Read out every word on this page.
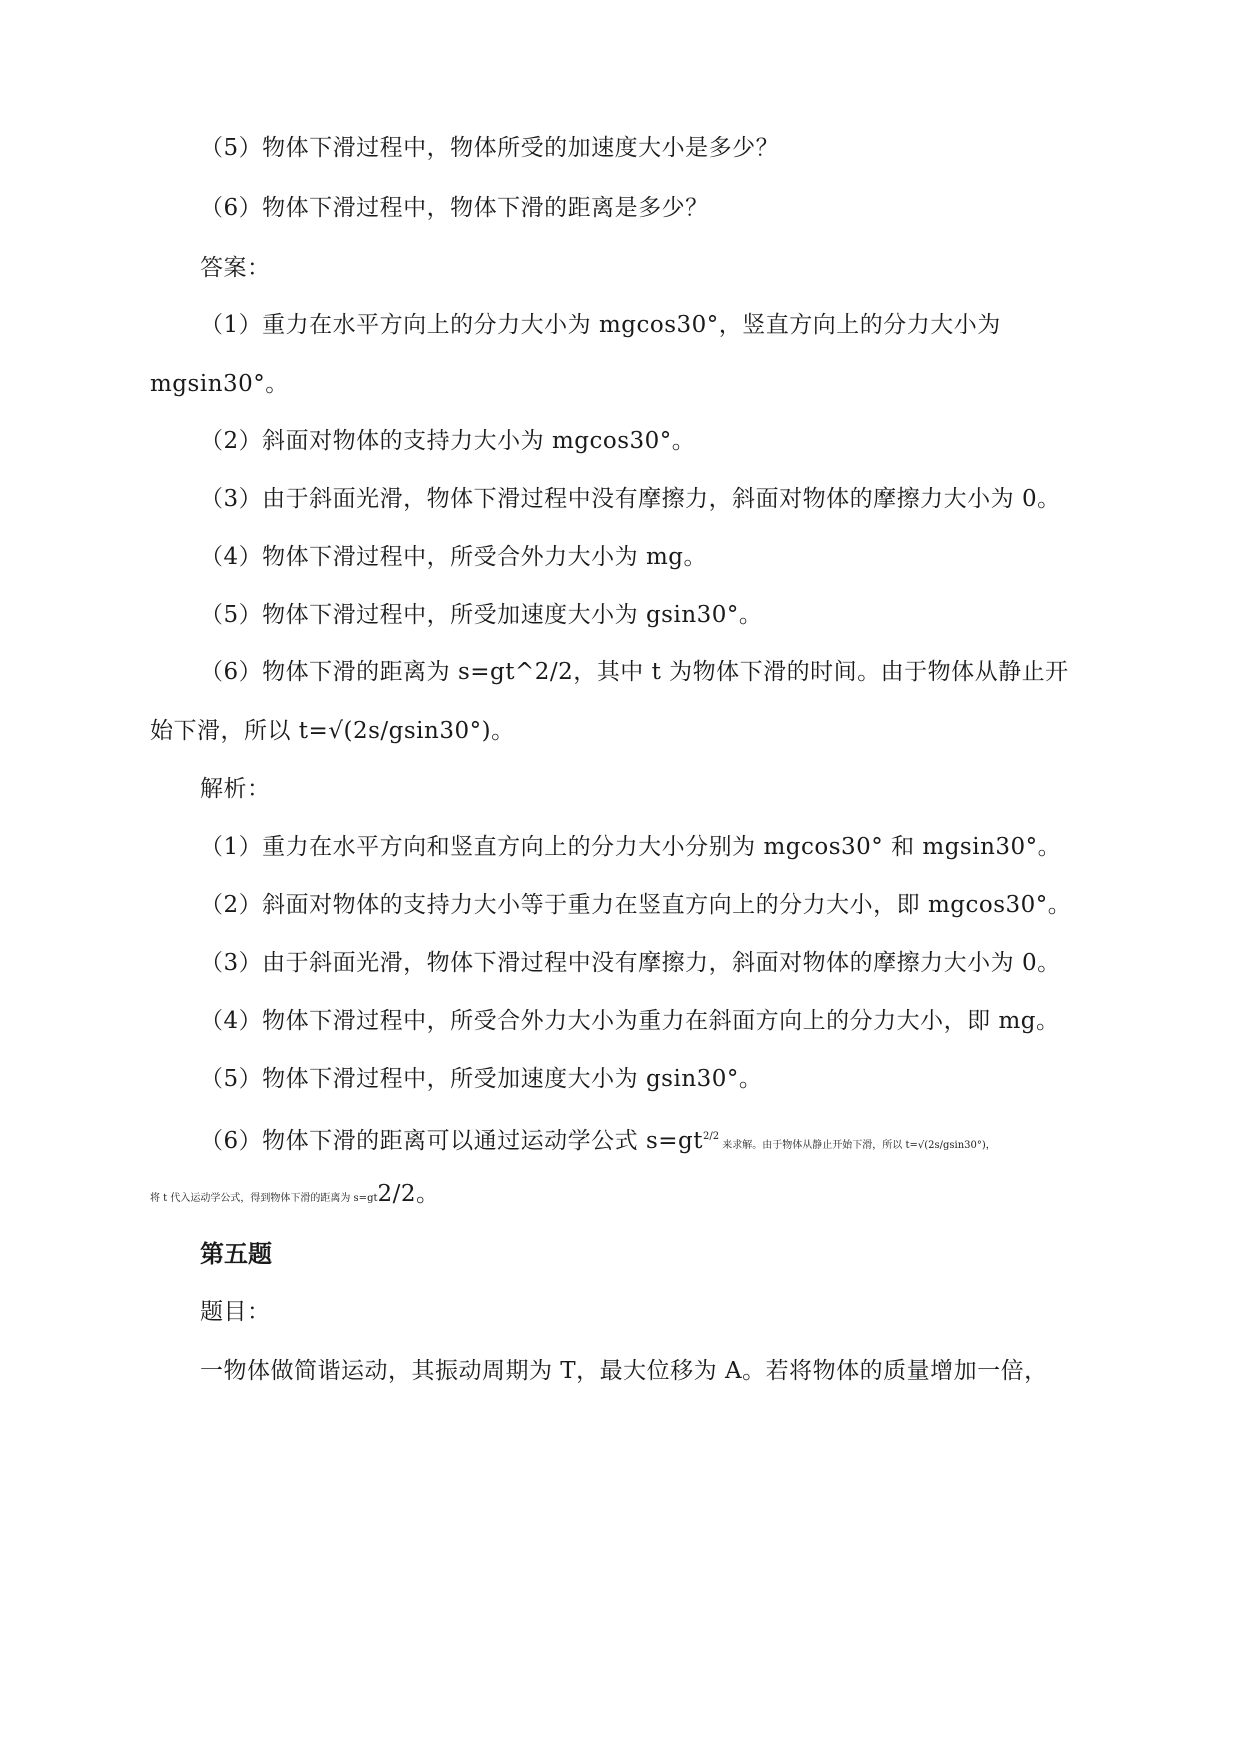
（5）物体下滑过程中，物体所受的加速度大小是多少？
（6）物体下滑过程中，物体下滑的距离是多少？
答案：
（1）重力在水平方向上的分力大小为 mgcos30°，竖直方向上的分力大小为
mgsin30°。
（2）斜面对物体的支持力大小为 mgcos30°。
（3）由于斜面光滑，物体下滑过程中没有摩擦力，斜面对物体的摩擦力大小为 0。
（4）物体下滑过程中，所受合外力大小为 mg。
（5）物体下滑过程中，所受加速度大小为 gsin30°。
（6）物体下滑的距离为 s=gt^2/2，其中 t 为物体下滑的时间。由于物体从静止开
始下滑，所以 t=√(2s/gsin30°)。
解析：
（1）重力在水平方向和竖直方向上的分力大小分别为 mgcos30° 和 mgsin30°。
（2）斜面对物体的支持力大小等于重力在竖直方向上的分力大小，即 mgcos30°。
（3）由于斜面光滑，物体下滑过程中没有摩擦力，斜面对物体的摩擦力大小为 0。
（4）物体下滑过程中，所受合外力大小为重力在斜面方向上的分力大小，即 mg。
（5）物体下滑过程中，所受加速度大小为 gsin30°。
（6）物体下滑的距离可以通过运动学公式 $s=gt^{2/2}$ 来求解。由于物体从静止开始下滑，所以 t=√(2s/gsin30°)，
将 t 代入运动学公式，得到物体下滑的距离为 s=gt2/2。
第五题
题目：
一物体做简谐运动，其振动周期为 T，最大位移为 A。若将物体的质量增加一倍，
